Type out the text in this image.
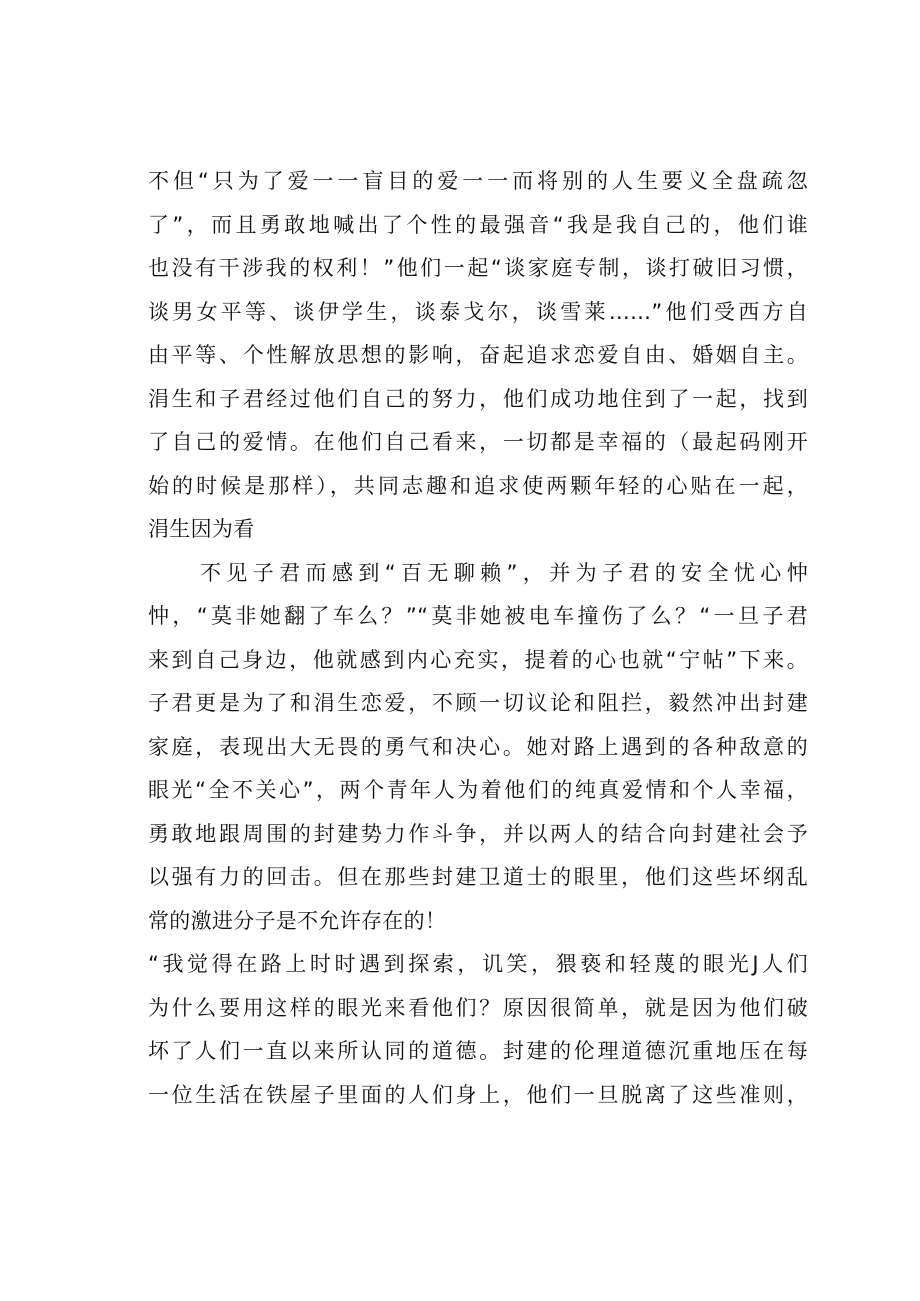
不但“只为了爱一一盲目的爱一一而将别的人生要义全盘疏忽
了”，而且勇敢地喊出了个性的最强音“我是我自己的，他们谁
也没有干涉我的权利！”他们一起“谈家庭专制，谈打破旧习惯，
谈男女平等、谈伊学生，谈泰戈尔，谈雪莱……”他们受西方自
由平等、个性解放思想的影响，奋起追求恋爱自由、婚姻自主。
涓生和子君经过他们自己的努力，他们成功地住到了一起，找到
了自己的爱情。在他们自己看来，一切都是幸福的（最起码刚开
始的时候是那样），共同志趣和追求使两颗年轻的心贴在一起，
涓生因为看
不见子君而感到“百无聊赖”，并为子君的安全忧心忡
忡，“莫非她翻了车么？”“莫非她被电车撞伤了么？“一旦子君
来到自己身边，他就感到内心充实，提着的心也就“宁帖”下来。
子君更是为了和涓生恋爱，不顾一切议论和阻拦，毅然冲出封建
家庭，表现出大无畏的勇气和决心。她对路上遇到的各种敌意的
眼光“全不关心”，两个青年人为着他们的纯真爱情和个人幸福，
勇敢地跟周围的封建势力作斗争，并以两人的结合向封建社会予
以强有力的回击。但在那些封建卫道士的眼里，他们这些坏纲乱
常的激进分子是不允许存在的！
“我觉得在路上时时遇到探索，讥笑，猥亵和轻蔑的眼光J人们
为什么要用这样的眼光来看他们？原因很简单，就是因为他们破
坏了人们一直以来所认同的道德。封建的伦理道德沉重地压在每
一位生活在铁屋子里面的人们身上，他们一旦脱离了这些准则，
